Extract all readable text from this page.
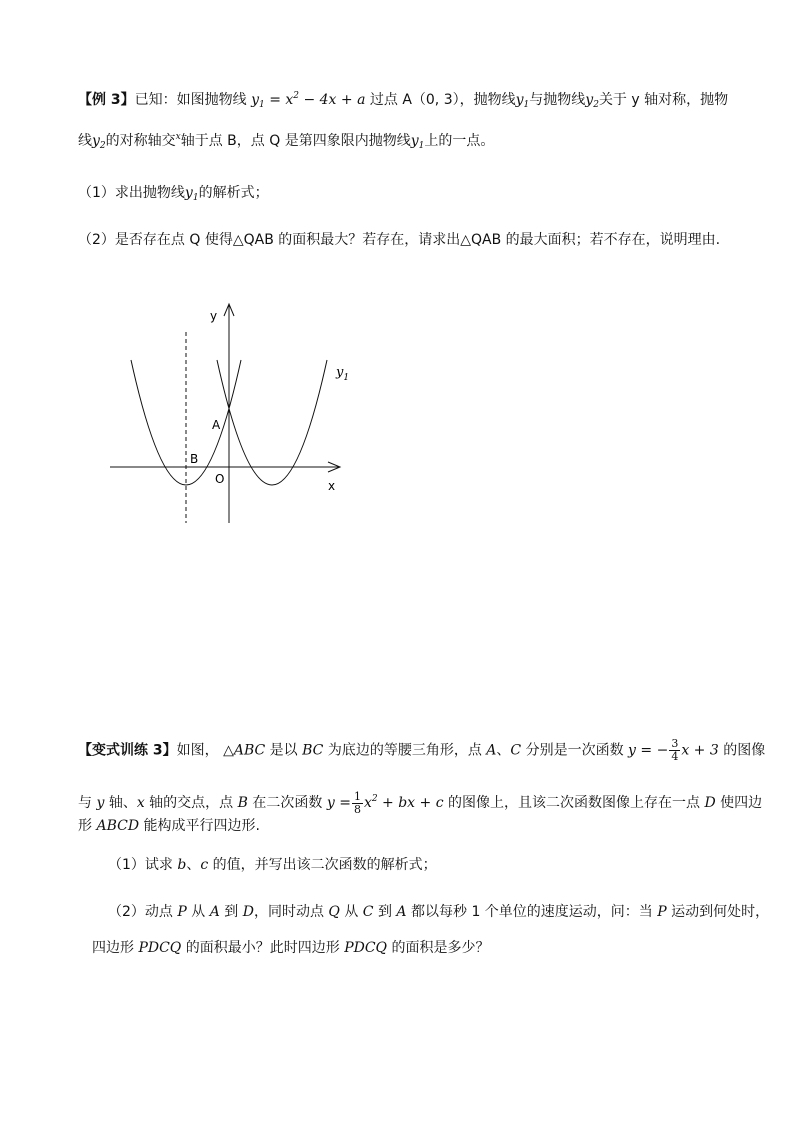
【例 3】已知：如图抛物线 $y_1 = x^2 - 4x + a$ 过点 A（0, 3），抛物线$y_1$与抛物线$y_2$关于 y 轴对称，抛物
线$y_2$的对称轴交$^x$轴于点 B，点 Q 是第四象限内抛物线$y_1$上的一点。
（1）求出抛物线$y_1$的解析式；
（2）是否存在点 Q 使得△QAB 的面积最大？若存在，请求出△QAB 的最大面积；若不存在，说明理由.
y
x
A
B
O
$y_1$
【变式训练 3】如图， △ABC 是以 BC 为底边的等腰三角形，点 A、C 分别是一次函数 y = − $\frac{3}{4}$ x + 3 的图像
与 y 轴、x 轴的交点，点 B 在二次函数 $y = \frac{1}{8} x^2$ + bx + c 的图像上，且该二次函数图像上存在一点 D 使四边
形 ABCD 能构成平行四边形.
（1）试求 b、c 的值，并写出该二次函数的解析式；
（2）动点 P 从 A 到 D，同时动点 Q 从 C 到 A 都以每秒 1 个单位的速度运动，问：当 P 运动到何处时，
四边形 PDCQ 的面积最小？此时四边形 PDCQ 的面积是多少？
